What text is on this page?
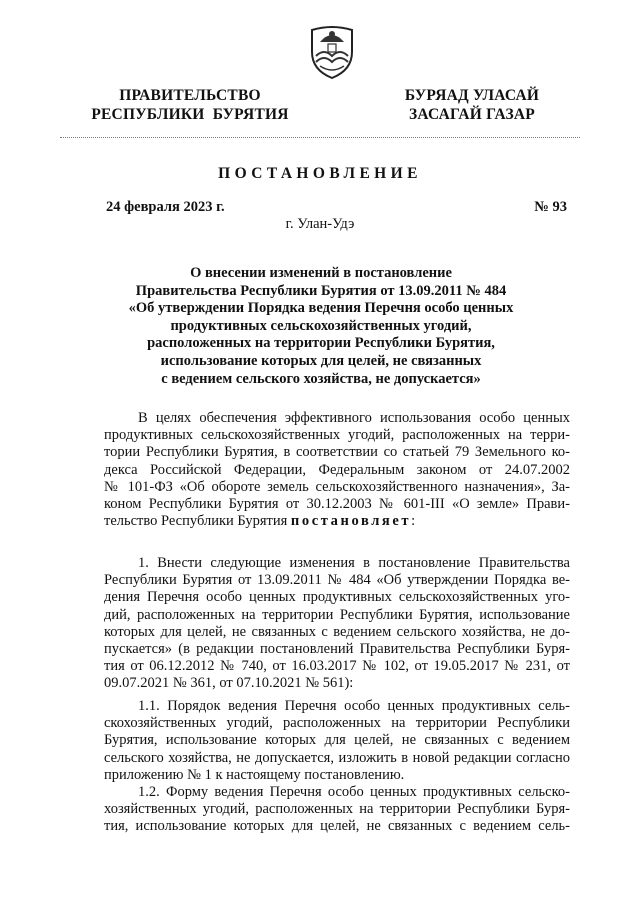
ПРАВИТЕЛЬСТВО
РЕСПУБЛИКИ  БУРЯТИЯ
БУРЯАД УЛАСАЙ
ЗАСАГАЙ ГАЗАР
ПОСТАНОВЛЕНИЕ
24 февраля 2023 г.	№ 93
г. Улан-Удэ
О внесении изменений в постановление
Правительства Республики Бурятия от 13.09.2011 № 484
«Об утверждении Порядка ведения Перечня особо ценных
продуктивных сельскохозяйственных угодий,
расположенных на территории Республики Бурятия,
использование которых для целей, не связанных
с ведением сельского хозяйства, не допускается»
В целях обеспечения эффективного использования особо ценных
продуктивных сельскохозяйственных угодий, расположенных на терри-
тории Республики Бурятия, в соответствии со статьей 79 Земельного ко-
декса Российской Федерации, Федеральным законом от 24.07.2002
№ 101-ФЗ «Об обороте земель сельскохозяйственного назначения», За-
коном Республики Бурятия от 30.12.2003 № 601-III «О земле» Прави-
тельство Республики Бурятия постановляет:
1. Внести следующие изменения в постановление Правительства
Республики Бурятия от 13.09.2011 № 484 «Об утверждении Порядка ве-
дения Перечня особо ценных продуктивных сельскохозяйственных уго-
дий, расположенных на территории Республики Бурятия, использование
которых для целей, не связанных с ведением сельского хозяйства, не до-
пускается» (в редакции постановлений Правительства Республики Буря-
тия от 06.12.2012 № 740, от 16.03.2017 № 102, от 19.05.2017 № 231, от
09.07.2021 № 361, от 07.10.2021 № 561):
1.1. Порядок ведения Перечня особо ценных продуктивных сель-
скохозяйственных угодий, расположенных на территории Республики
Бурятия, использование которых для целей, не связанных с ведением
сельского хозяйства, не допускается, изложить в новой редакции согласно
приложению № 1 к настоящему постановлению.
1.2. Форму ведения Перечня особо ценных продуктивных сельско-
хозяйственных угодий, расположенных на территории Республики Буря-
тия, использование которых для целей, не связанных с ведением сель-
